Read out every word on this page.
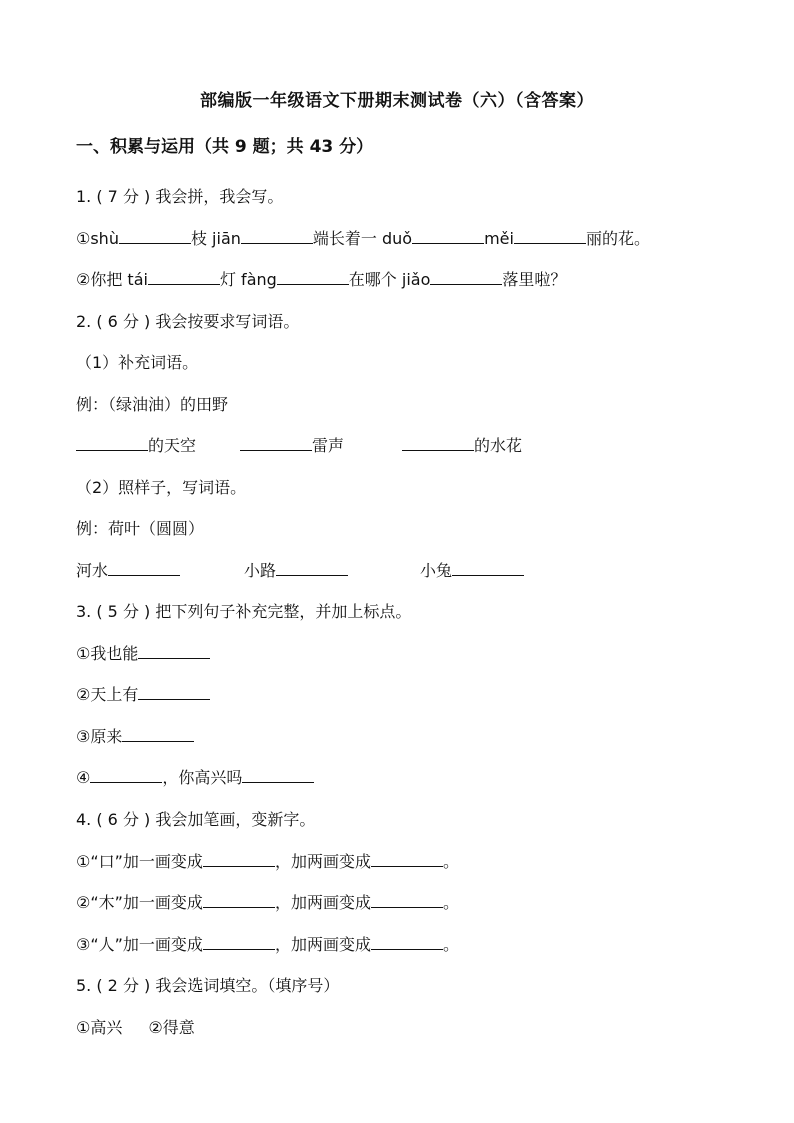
部编版一年级语文下册期末测试卷（六）（含答案）
一、积累与运用（共 9 题；共 43 分）
1. ( 7 分 ) 我会拼，我会写。
①shù	枝 jiān	端长着一 duǒ	měi	丽的花。
②你把 tái	灯 fàng	在哪个 jiǎo	落里啦？
2. ( 6 分 ) 我会按要求写词语。
（1）补充词语。
例：（绿油油）的田野
的天空	雷声	的水花
（2）照样子，写词语。
例：荷叶（圆圆）
河水	小路	小兔
3. ( 5 分 ) 把下列句子补充完整，并加上标点。
①我也能
②天上有
③原来
④	，你高兴吗
4. ( 6 分 ) 我会加笔画，变新字。
①“口”加一画变成	，加两画变成	。
②“木”加一画变成	，加两画变成	。
③“人”加一画变成	，加两画变成	。
5. ( 2 分 ) 我会选词填空。（填序号）
①高兴 ②得意
